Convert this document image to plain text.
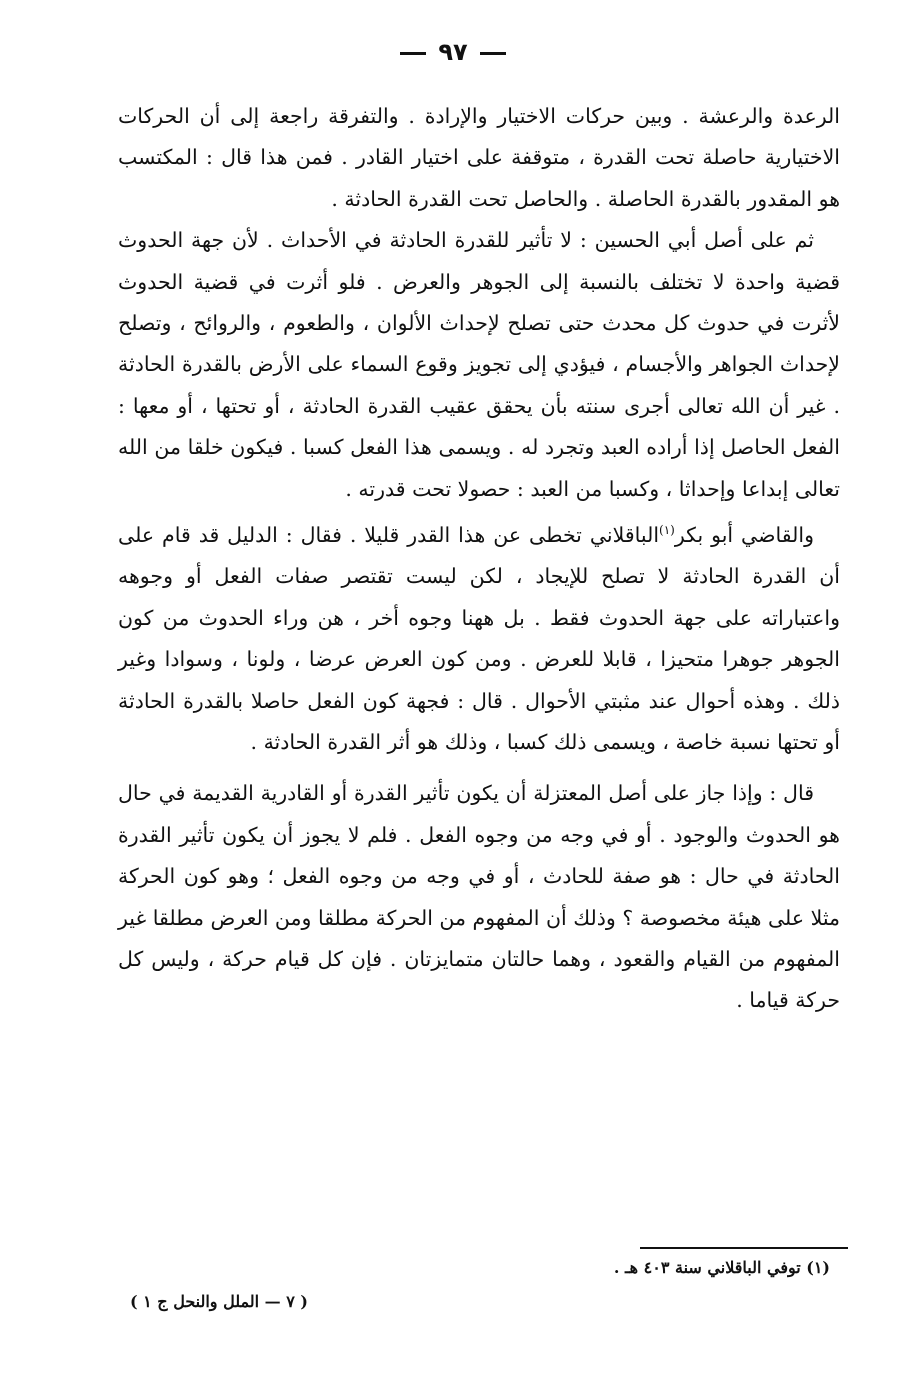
٩٧

الرعدة والرعشة . وبين حركات الاختيار والإرادة . والتفرقة راجعة إلى أن الحركات الاختيارية حاصلة تحت القدرة ، متوقفة على اختيار القادر . فمن هذا قال : المكتسب هو المقدور بالقدرة الحاصلة . والحاصل تحت القدرة الحادثة .

ثم على أصل أبي الحسين : لا تأثير للقدرة الحادثة في الأحداث . لأن جهة الحدوث قضية واحدة لا تختلف بالنسبة إلى الجوهر والعرض . فلو أثرت في قضية الحدوث لأثرت في حدوث كل محدث حتى تصلح لإحداث الألوان ، والطعوم ، والروائح ، وتصلح لإحداث الجواهر والأجسام ، فيؤدي إلى تجويز وقوع السماء على الأرض بالقدرة الحادثة . غير أن الله تعالى أجرى سنته بأن يحقق عقيب القدرة الحادثة ، أو تحتها ، أو معها : الفعل الحاصل إذا أراده العبد وتجرد له . ويسمى هذا الفعل كسبا . فيكون خلقا من الله تعالى إبداعا وإحداثا ، وكسبا من العبد : حصولا تحت قدرته .

والقاضي أبو بكر$^{(١)}$الباقلاني تخطى عن هذا القدر قليلا . فقال : الدليل قد قام على أن القدرة الحادثة لا تصلح للإيجاد ، لكن ليست تقتصر صفات الفعل أو وجوهه واعتباراته على جهة الحدوث فقط . بل ههنا وجوه أخر ، هن وراء الحدوث من كون الجوهر جوهرا متحيزا ، قابلا للعرض . ومن كون العرض عرضا ، ولونا ، وسوادا وغير ذلك . وهذه أحوال عند مثبتي الأحوال . قال : فجهة كون الفعل حاصلا بالقدرة الحادثة أو تحتها نسبة خاصة ، ويسمى ذلك كسبا ، وذلك هو أثر القدرة الحادثة .

قال : وإذا جاز على أصل المعتزلة أن يكون تأثير القدرة أو القادرية القديمة في حال هو الحدوث والوجود . أو في وجه من وجوه الفعل . فلم لا يجوز أن يكون تأثير القدرة الحادثة في حال : هو صفة للحادث ، أو في وجه من وجوه الفعل ؛ وهو كون الحركة مثلا على هيئة مخصوصة ؟ وذلك أن المفهوم من الحركة مطلقا ومن العرض مطلقا غير المفهوم من القيام والقعود ، وهما حالتان متمايزتان . فإن كل قيام حركة ، وليس كل حركة قياما .

(١) توفي الباقلاني سنة ٤٠٣ هـ .
( ٧ — الملل والنحل ج ١ )
